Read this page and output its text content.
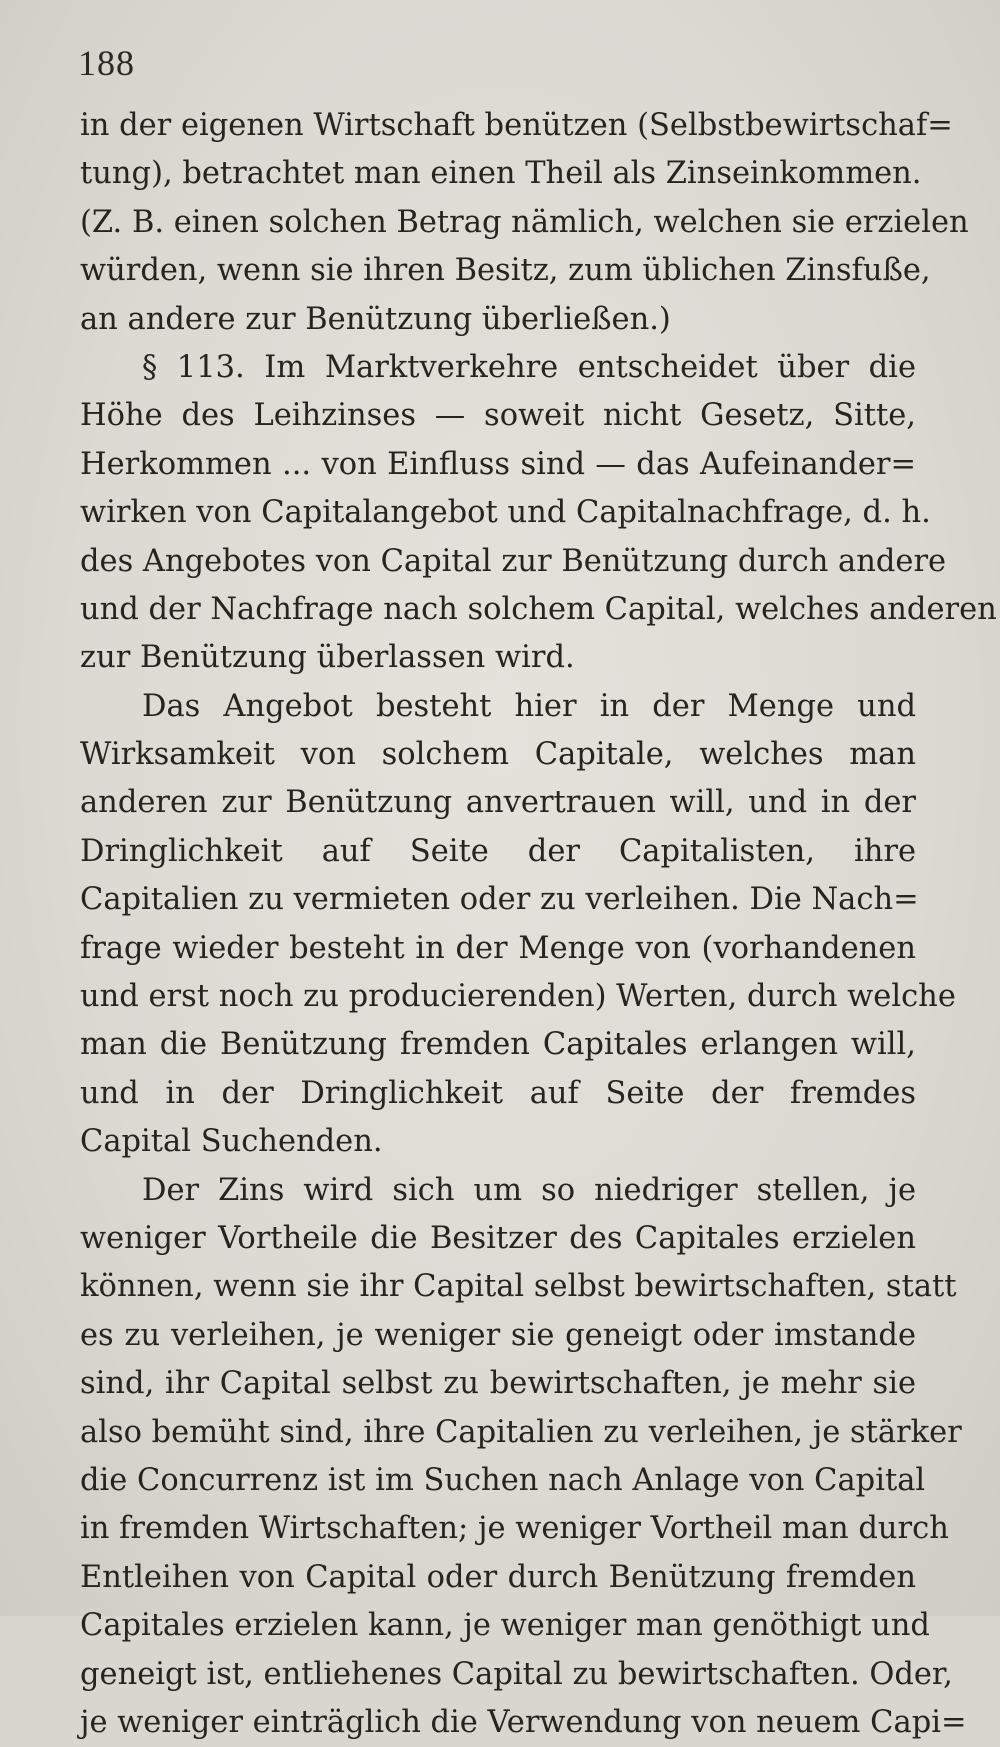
188
in der eigenen Wirtschaft benützen (Selbstbewirtschaf=
tung), betrachtet man einen Theil als Zinseinkommen.
(Z. B. einen solchen Betrag nämlich, welchen sie erzielen
würden, wenn sie ihren Besitz, zum üblichen Zinsfuße,
an andere zur Benützung überließen.)
§ 113. Im Marktverkehre entscheidet über die
Höhe des Leihzinses — soweit nicht Gesetz, Sitte,
Herkommen ... von Einfluss sind — das Aufeinander=
wirken von Capitalangebot und Capitalnachfrage, d. h.
des Angebotes von Capital zur Benützung durch andere
und der Nachfrage nach solchem Capital, welches anderen
zur Benützung überlassen wird.
Das Angebot besteht hier in der Menge und
Wirksamkeit von solchem Capitale, welches man
anderen zur Benützung anvertrauen will, und in der
Dringlichkeit auf Seite der Capitalisten, ihre
Capitalien zu vermieten oder zu verleihen. Die Nach=
frage wieder besteht in der Menge von (vorhandenen
und erst noch zu producierenden) Werten, durch welche
man die Benützung fremden Capitales erlangen will,
und in der Dringlichkeit auf Seite der fremdes
Capital Suchenden.
Der Zins wird sich um so niedriger stellen, je
weniger Vortheile die Besitzer des Capitales erzielen
können, wenn sie ihr Capital selbst bewirtschaften, statt
es zu verleihen, je weniger sie geneigt oder imstande
sind, ihr Capital selbst zu bewirtschaften, je mehr sie
also bemüht sind, ihre Capitalien zu verleihen, je stärker
die Concurrenz ist im Suchen nach Anlage von Capital
in fremden Wirtschaften; je weniger Vortheil man durch
Entleihen von Capital oder durch Benützung fremden
Capitales erzielen kann, je weniger man genöthigt und
geneigt ist, entliehenes Capital zu bewirtschaften. Oder,
je weniger einträglich die Verwendung von neuem Capi=
